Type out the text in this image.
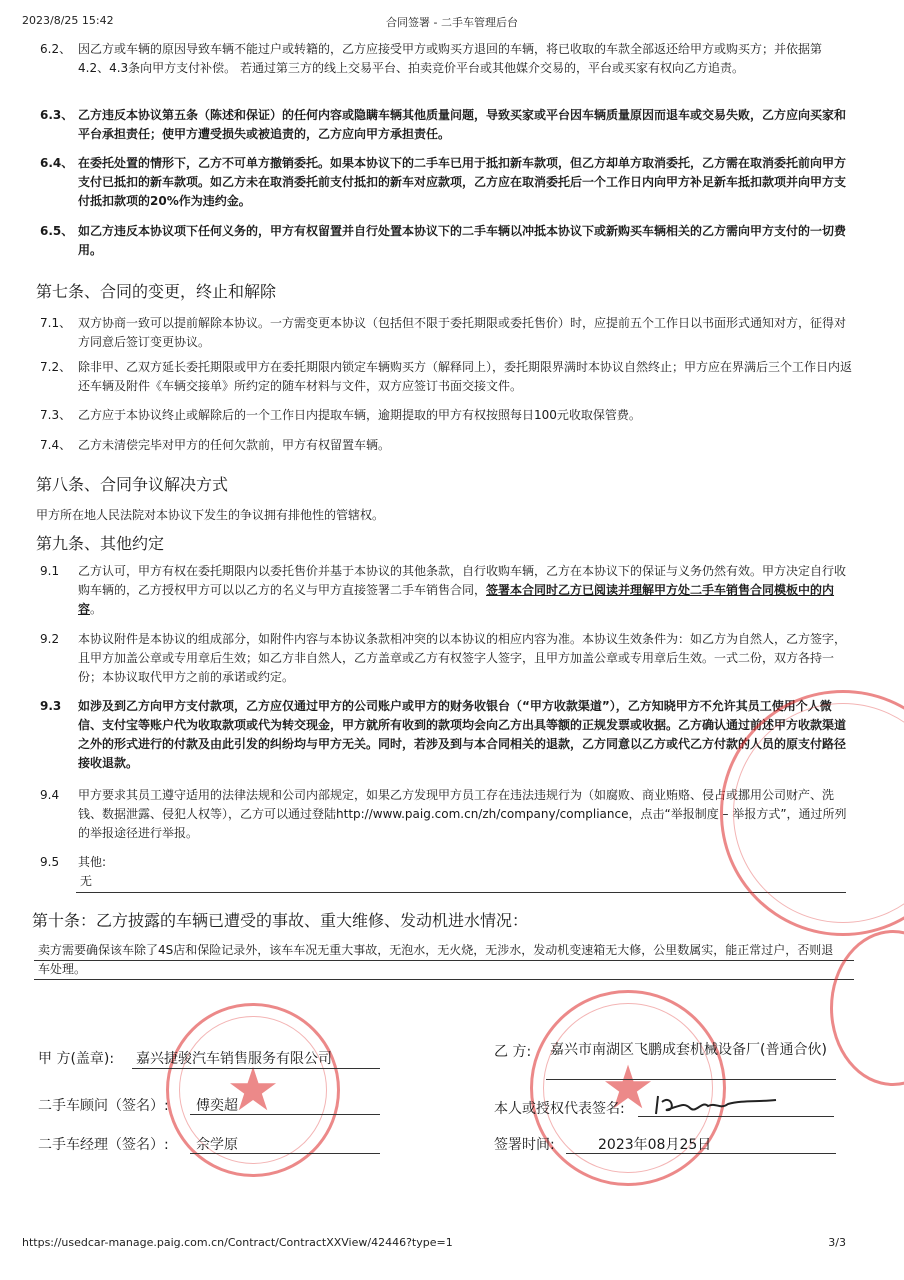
2023/8/25 15:42	合同签署 - 二手车管理后台
6.2、 因乙方或车辆的原因导致车辆不能过户或转籍的，乙方应接受甲方或购买方退回的车辆，将已收取的车款全部返还给甲方或购买方；并依据第4.2、4.3条向甲方支付补偿。 若通过第三方的线上交易平台、拍卖竞价平台或其他媒介交易的，平台或买家有权向乙方追责。
6.3、 乙方违反本协议第五条（陈述和保证）的任何内容或隐瞒车辆其他质量问题，导致买家或平台因车辆质量原因而退车或交易失败，乙方应向买家和平台承担责任；使甲方遭受损失或被追责的，乙方应向甲方承担责任。
6.4、 在委托处置的情形下，乙方不可单方撤销委托。如果本协议下的二手车已用于抵扣新车款项，但乙方却单方取消委托，乙方需在取消委托前向甲方支付已抵扣的新车款项。如乙方未在取消委托前支付抵扣的新车对应款项，乙方应在取消委托后一个工作日内向甲方补足新车抵扣款项并向甲方支付抵扣款项的20%作为违约金。
6.5、 如乙方违反本协议项下任何义务的，甲方有权留置并自行处置本协议下的二手车辆以冲抵本协议下或新购买车辆相关的乙方需向甲方支付的一切费用。
第七条、合同的变更，终止和解除
7.1、 双方协商一致可以提前解除本协议。一方需变更本协议（包括但不限于委托期限或委托售价）时，应提前五个工作日以书面形式通知对方，征得对方同意后签订变更协议。
7.2、 除非甲、乙双方延长委托期限或甲方在委托期限内锁定车辆购买方（解释同上），委托期限界满时本协议自然终止；甲方应在界满后三个工作日内返还车辆及附件《车辆交接单》所约定的随车材料与文件，双方应签订书面交接文件。
7.3、 乙方应于本协议终止或解除后的一个工作日内提取车辆，逾期提取的甲方有权按照每日100元收取保管费。
7.4、 乙方未清偿完毕对甲方的任何欠款前，甲方有权留置车辆。
第八条、合同争议解决方式
甲方所在地人民法院对本协议下发生的争议拥有排他性的管辖权。
第九条、其他约定
9.1 乙方认可，甲方有权在委托期限内以委托售价并基于本协议的其他条款，自行收购车辆，乙方在本协议下的保证与义务仍然有效。甲方决定自行收购车辆的，乙方授权甲方可以以乙方的名义与甲方直接签署二手车销售合同，签署本合同时乙方已阅读并理解甲方处二手车销售合同模板中的内容。
9.2 本协议附件是本协议的组成部分，如附件内容与本协议条款相冲突的以本协议的相应内容为准。本协议生效条件为：如乙方为自然人，乙方签字，且甲方加盖公章或专用章后生效；如乙方非自然人，乙方盖章或乙方有权签字人签字，且甲方加盖公章或专用章后生效。一式二份，双方各持一份；本协议取代甲方之前的承诺或约定。
9.3 如涉及到乙方向甲方支付款项，乙方应仅通过甲方的公司账户或甲方的财务收银台（“甲方收款渠道”），乙方知晓甲方不允许其员工使用个人微信、支付宝等账户代为收取款项或代为转交现金，甲方就所有收到的款项均会向乙方出具等额的正规发票或收据。乙方确认通过前述甲方收款渠道之外的形式进行的付款及由此引发的纠纷均与甲方无关。同时，若涉及到与本合同相关的退款，乙方同意以乙方或代乙方付款的人员的原支付路径接收退款。
9.4 甲方要求其员工遵守适用的法律法规和公司内部规定，如果乙方发现甲方员工存在违法违规行为（如腐败、商业贿赂、侵占或挪用公司财产、洗钱、数据泄露、侵犯人权等），乙方可以通过登陆http://www.paig.com.cn/zh/company/compliance，点击“举报制度 – 举报方式”，通过所列的举报途径进行举报。
9.5 其他:
无
第十条：乙方披露的车辆已遭受的事故、重大维修、发动机进水情况：
卖方需要确保该车除了4S店和保险记录外，该车车况无重大事故，无泡水，无火烧，无涉水，发动机变速箱无大修，公里数属实，能正常过户，否则退车处理。
★	★
甲 方(盖章): 嘉兴捷骏汽车销售服务有限公司
二手车顾问（签名）: 傅奕超
二手车经理（签名）: 佘学原
乙 方: 嘉兴市南湖区飞鹏成套机械设备厂(普通合伙)
本人或授权代表签名:
签署时间:	2023年08月25日
https://usedcar-manage.paig.com.cn/Contract/ContractXXView/42446?type=1	3/3
